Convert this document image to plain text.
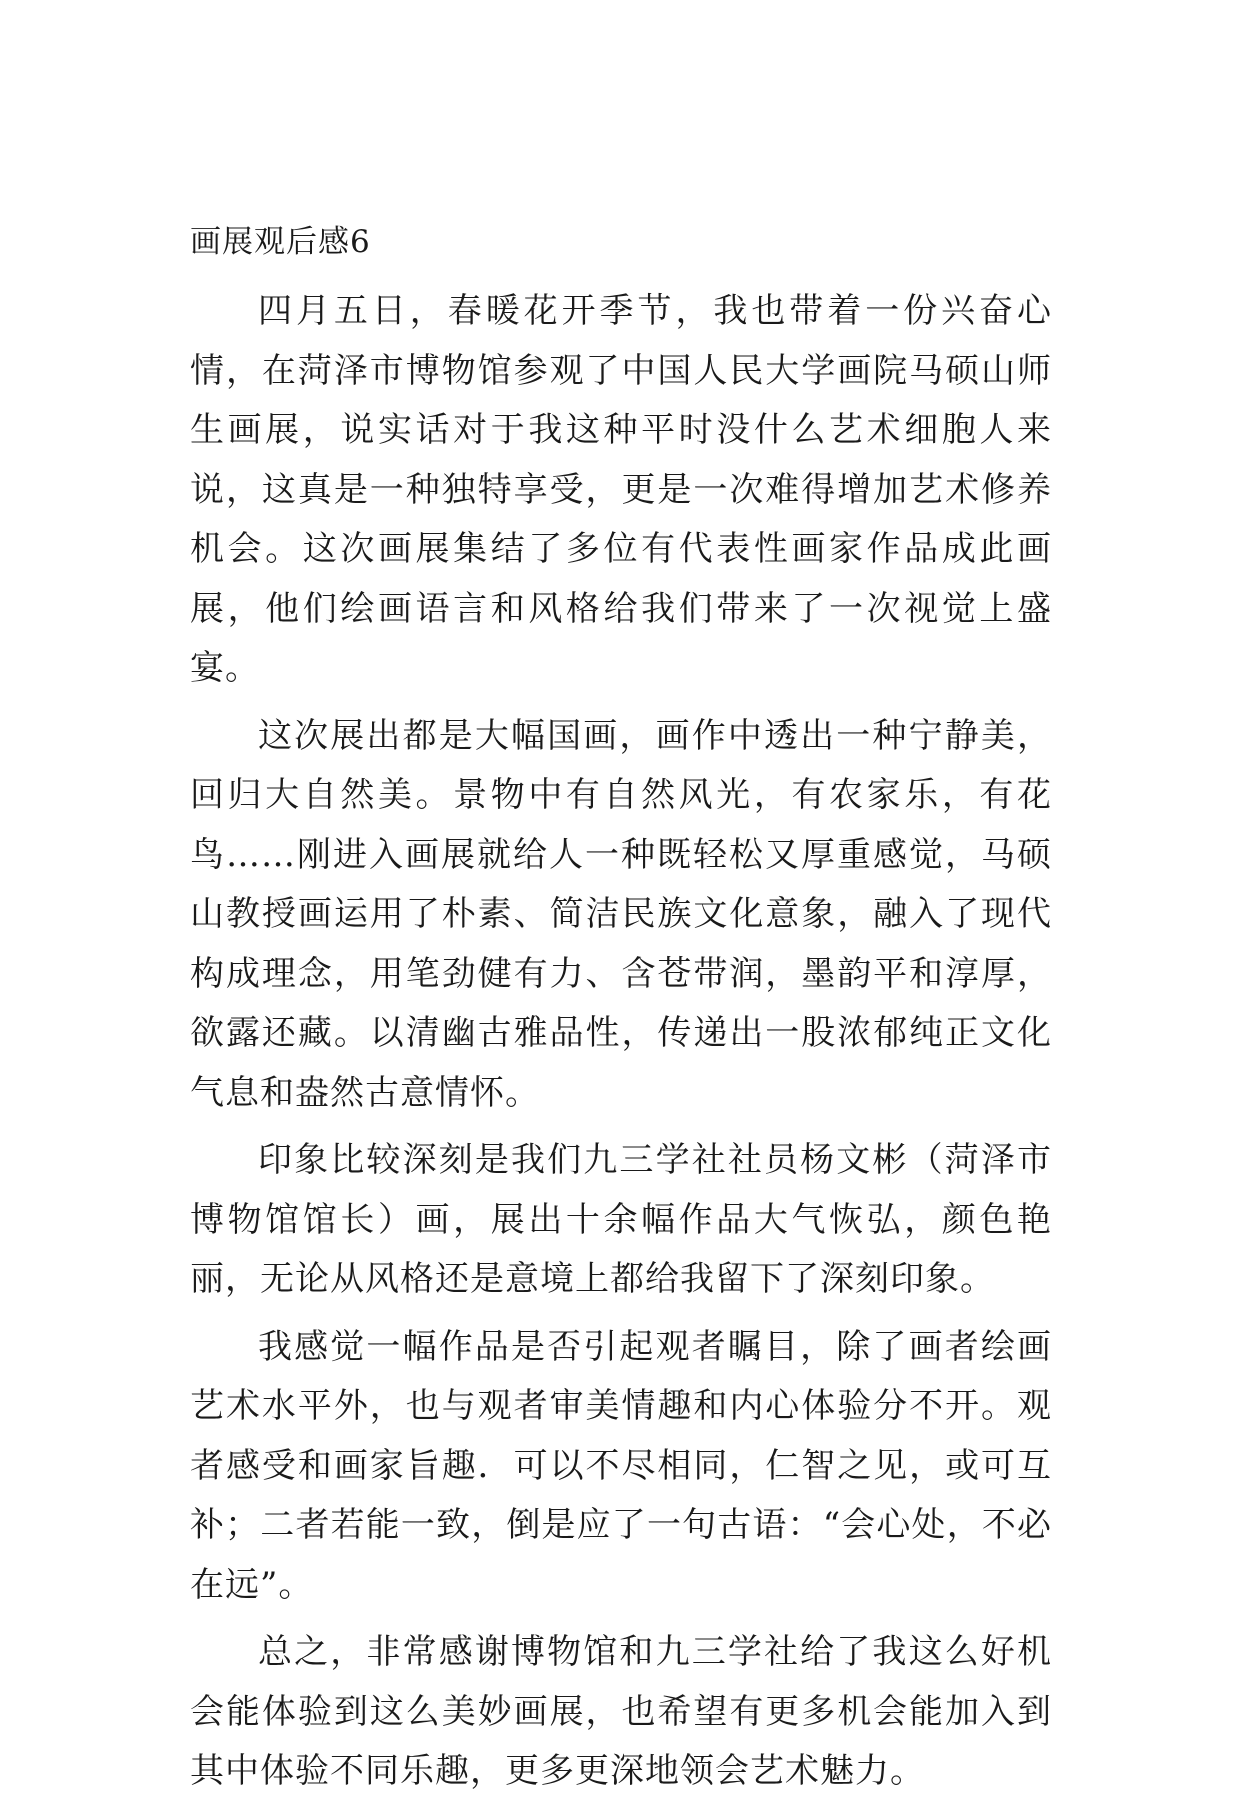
画展观后感6

四月五日，春暖花开季节，我也带着一份兴奋心情，在菏泽市博物馆参观了中国人民大学画院马硕山师生画展，说实话对于我这种平时没什么艺术细胞人来说，这真是一种独特享受，更是一次难得增加艺术修养机会。这次画展集结了多位有代表性画家作品成此画展，他们绘画语言和风格给我们带来了一次视觉上盛宴。

这次展出都是大幅国画，画作中透出一种宁静美，回归大自然美。景物中有自然风光，有农家乐，有花鸟……刚进入画展就给人一种既轻松又厚重感觉，马硕山教授画运用了朴素、简洁民族文化意象，融入了现代构成理念，用笔劲健有力、含苍带润，墨韵平和淳厚，欲露还藏。以清幽古雅品性，传递出一股浓郁纯正文化气息和盎然古意情怀。

印象比较深刻是我们九三学社社员杨文彬（菏泽市博物馆馆长）画，展出十余幅作品大气恢弘，颜色艳丽，无论从风格还是意境上都给我留下了深刻印象。

我感觉一幅作品是否引起观者瞩目，除了画者绘画艺术水平外，也与观者审美情趣和内心体验分不开。观者感受和画家旨趣．可以不尽相同，仁智之见，或可互补；二者若能一致，倒是应了一句古语：“会心处，不必在远”。

总之，非常感谢博物馆和九三学社给了我这么好机会能体验到这么美妙画展，也希望有更多机会能加入到其中体验不同乐趣，更多更深地领会艺术魅力。
